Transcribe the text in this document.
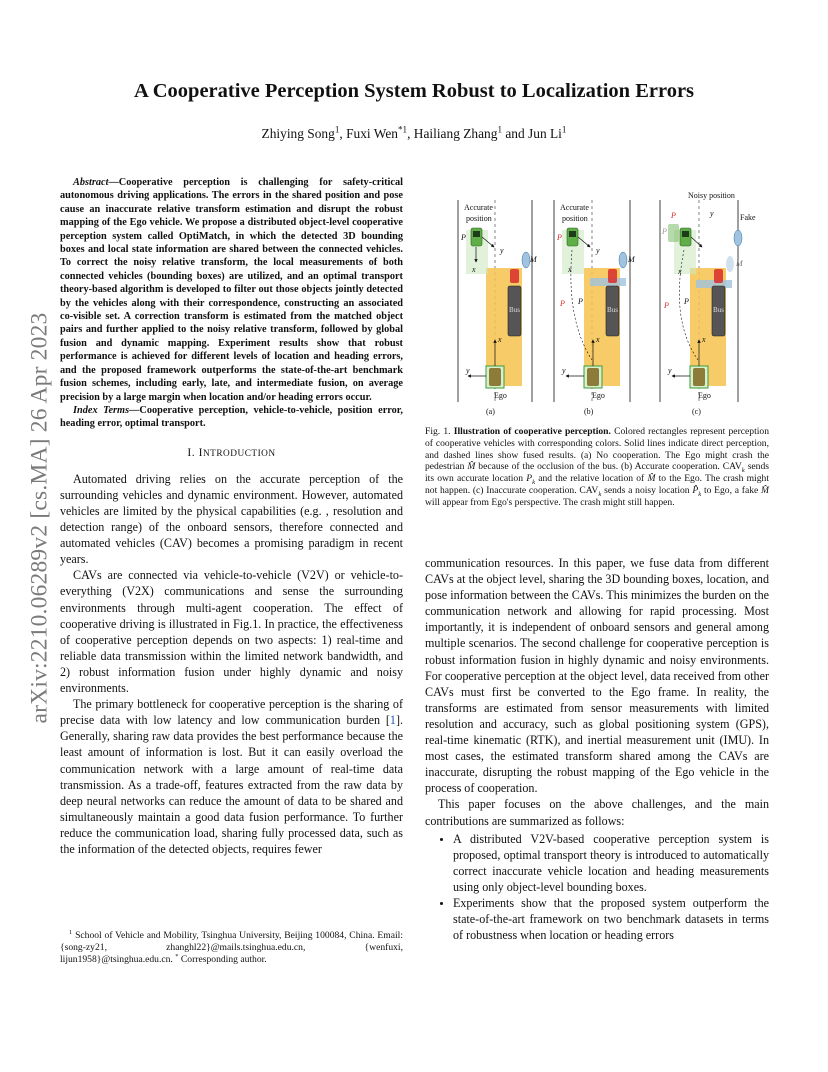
arXiv:2210.06289v2 [cs.MA] 26 Apr 2023
A Cooperative Perception System Robust to Localization Errors
Zhiying Song$^1$, Fuxi Wen$^{*1}$, Hailiang Zhang$^1$ and Jun Li$^1$

Abstract—Cooperative perception is challenging for safety-critical autonomous driving applications. The errors in the shared position and pose cause an inaccurate relative transform estimation and disrupt the robust mapping of the Ego vehicle. We propose a distributed object-level cooperative perception system called OptiMatch, in which the detected 3D bounding boxes and local state information are shared between the connected vehicles. To correct the noisy relative transform, the local measurements of both connected vehicles (bounding boxes) are utilized, and an optimal transport theory-based algorithm is developed to filter out those objects jointly detected by the vehicles along with their correspondence, constructing an associated co-visible set. A correction transform is estimated from the matched object pairs and further applied to the noisy relative transform, followed by global fusion and dynamic mapping. Experiment results show that robust performance is achieved for different levels of location and heading errors, and the proposed framework outperforms the state-of-the-art benchmark fusion schemes, including early, late, and intermediate fusion, on average precision by a large margin when location and/or heading errors occur.

Index Terms—Cooperative perception, vehicle-to-vehicle, position error, heading error, optimal transport.

I. INTRODUCTION

Automated driving relies on the accurate perception of the surrounding vehicles and dynamic environment. However, automated vehicles are limited by the physical capabilities (e.g. , resolution and detection range) of the onboard sensors, therefore connected and automated vehicles (CAV) becomes a promising paradigm in recent years.

CAVs are connected via vehicle-to-vehicle (V2V) or vehicle-to-everything (V2X) communications and sense the surrounding environments through multi-agent cooperation. The effect of cooperative driving is illustrated in Fig.1. In practice, the effectiveness of cooperative perception depends on two aspects: 1) real-time and reliable data transmission within the limited network bandwidth, and 2) robust information fusion under highly dynamic and noisy environments.

The primary bottleneck for cooperative perception is the sharing of precise data with low latency and low communication burden [1]. Generally, sharing raw data provides the best performance because the least amount of information is lost. But it can easily overload the communication network with a large amount of real-time data transmission. As a trade-off, features extracted from the raw data by deep neural networks can reduce the amount of data to be shared and simultaneously maintain a good data fusion performance. To further reduce the communication load, sharing fully processed data, such as the information of the detected objects, requires fewer

$^1$ School of Vehicle and Mobility, Tsinghua University, Beijing 100084, China. Email: {song-zy21, zhanghl22}@mails.tsinghua.edu.cn, {wenfuxi, lijun1958}@tsinghua.edu.cn. * Corresponding author.

Bus
Accurate
position
P
y
x
M
x
y
Ego
(a)
Bus
Accurate
position
P
y
x
M
P P
x
y
Ego
(b)
Bus
Noisy position
P
P
y
x
Fake
M
P P
x
y
Ego
(c)
Fig. 1. Illustration of cooperative perception. Colored rectangles represent perception of cooperative vehicles with corresponding colors. Solid lines indicate direct perception, and dashed lines show fused results. (a) No cooperation. The Ego might crash the pedestrian M̂ because of the occlusion of the bus. (b) Accurate cooperation. $CAV_k$ sends its own accurate location $P_k$ and the relative location of M̂ to the Ego. The crash might not happen. (c) Inaccurate cooperation. $CAV_k$ sends a noisy location $P̂_k$ to Ego, a fake M̂ will appear from Ego's perspective. The crash might still happen.

communication resources. In this paper, we fuse data from different CAVs at the object level, sharing the 3D bounding boxes, location, and pose information between the CAVs. This minimizes the burden on the communication network and allowing for rapid processing. Most importantly, it is independent of onboard sensors and general among multiple scenarios. The second challenge for cooperative perception is robust information fusion in highly dynamic and noisy environments. For cooperative perception at the object level, data received from other CAVs must first be converted to the Ego frame. In reality, the transforms are estimated from sensor measurements with limited resolution and accuracy, such as global positioning system (GPS), real-time kinematic (RTK), and inertial measurement unit (IMU). In most cases, the estimated transform shared among the CAVs are inaccurate, disrupting the robust mapping of the Ego vehicle in the process of cooperation.

This paper focuses on the above challenges, and the main contributions are summarized as follows:

• A distributed V2V-based cooperative perception system is proposed, optimal transport theory is introduced to automatically correct inaccurate vehicle location and heading measurements using only object-level bounding boxes.
• Experiments show that the proposed system outperform the state-of-the-art framework on two benchmark datasets in terms of robustness when location or heading errors
